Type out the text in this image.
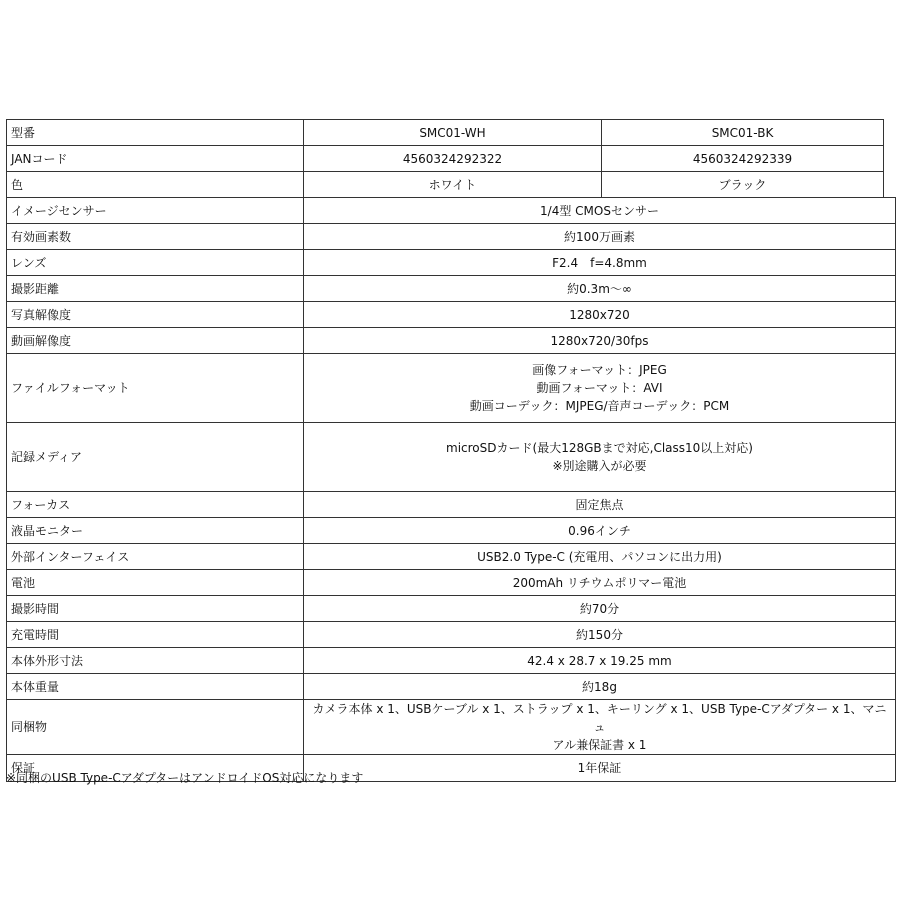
型番	SMC01-WH	SMC01-BK	
JANコード	4560324292322	4560324292339	
色	ホワイト	ブラック	
イメージセンサー	1/4型 CMOSセンサー		
有効画素数	約100万画素		
レンズ	F2.4　f=4.8mm		
撮影距離	約0.3m～∞		
写真解像度	1280x720		
動画解像度	1280x720/30fps		
ファイルフォーマット	画像フォーマット：JPEG
動画フォーマット：AVI
動画コーデック：MJPEG/音声コーデック：PCM		

記録メディア	microSDカード(最大128GBまで対応,Class10以上対応)
※別途購入が必要		

フォーカス	固定焦点		
液晶モニター	0.96インチ		
外部インターフェイス	USB2.0 Type-C (充電用、パソコンに出力用)		
電池	200mAh リチウムポリマー電池		
撮影時間	約70分		
充電時間	約150分		
本体外形寸法	42.4 x 28.7 x 19.25 mm		
本体重量	約18g		
同梱物	カメラ本体 x 1、USBケーブル x 1、ストラップ x 1、キーリング x 1、USB Type-Cアダプター x 1、マニュ
アル兼保証書 x 1		

保証	1年保証		
※同梱のUSB Type-CアダプターはアンドロイドOS対応になります
